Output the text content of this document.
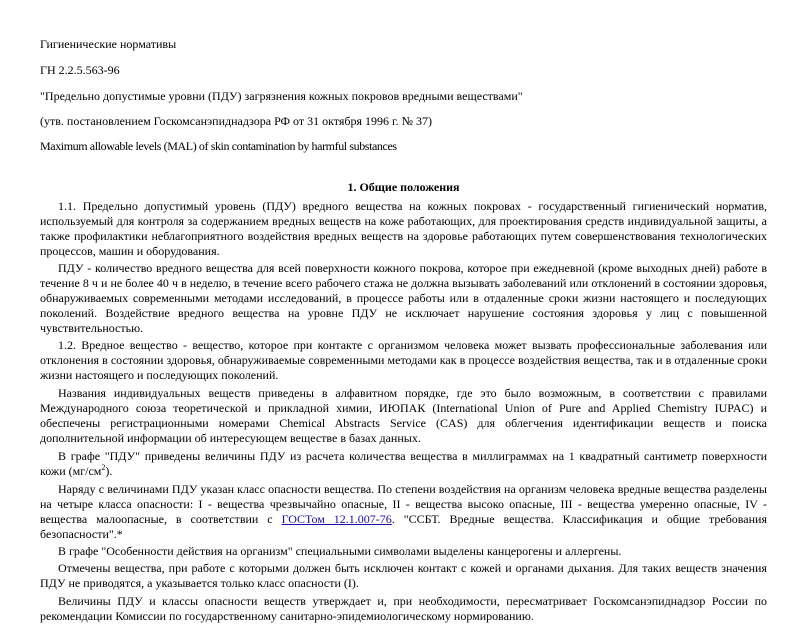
Гигиенические нормативы

ГН 2.2.5.563-96

"Предельно допустимые уровни (ПДУ) загрязнения кожных покровов вредными веществами"

(утв. постановлением Госкомсанэпиднадзора РФ от 31 октября 1996 г. № 37)

Maximum allowable levels (MAL) of skin contamination by harmful substances

1. Общие положения

1.1. Предельно допустимый уровень (ПДУ) вредного вещества на кожных покровах - государственный гигиенический норматив, используемый для контроля за содержанием вредных веществ на коже работающих, для проектирования средств индивидуальной защиты, а также профилактики неблагоприятного воздействия вредных веществ на здоровье работающих путем совершенствования технологических процессов, машин и оборудования.

ПДУ - количество вредного вещества для всей поверхности кожного покрова, которое при ежедневной (кроме выходных дней) работе в течение 8 ч и не более 40 ч в неделю, в течение всего рабочего стажа не должна вызывать заболеваний или отклонений в состоянии здоровья, обнаруживаемых современными методами исследований, в процессе работы или в отдаленные сроки жизни настоящего и последующих поколений. Воздействие вредного вещества на уровне ПДУ не исключает нарушение состояния здоровья у лиц с повышенной чувствительностью.

1.2. Вредное вещество - вещество, которое при контакте с организмом человека может вызвать профессиональные заболевания или отклонения в состоянии здоровья, обнаруживаемые современными методами как в процессе воздействия вещества, так и в отдаленные сроки жизни настоящего и последующих поколений.

Названия индивидуальных веществ приведены в алфавитном порядке, где это было возможным, в соответствии с правилами Международного союза теоретической и прикладной химии, ИЮПАК (International Union of Pure and Applied Chemistry IUPAC) и обеспечены регистрационными номерами Chemical Abstracts Service (CAS) для облегчения идентификации веществ и поиска дополнительной информации об интересующем веществе в базах данных.

В графе "ПДУ" приведены величины ПДУ из расчета количества вещества в миллиграммах на 1 квадратный сантиметр поверхности кожи $(мг/см^2)$.

Наряду с величинами ПДУ указан класс опасности вещества. По степени воздействия на организм человека вредные вещества разделены на четыре класса опасности: I - вещества чрезвычайно опасные, II - вещества высоко опасные, III - вещества умеренно опасные, IV - вещества малоопасные, в соответствии с ГОСТом 12.1.007-76. "ССБТ. Вредные вещества. Классификация и общие требования безопасности".*

В графе "Особенности действия на организм" специальными символами выделены канцерогены и аллергены.

Отмечены вещества, при работе с которыми должен быть исключен контакт с кожей и органами дыхания. Для таких веществ значения ПДУ не приводятся, а указывается только класс опасности (I).

Величины ПДУ и классы опасности веществ утверждает и, при необходимости, пересматривает Госкомсанэпиднадзор России по рекомендации Комиссии по государственному санитарно-эпидемиологическому нормированию.
